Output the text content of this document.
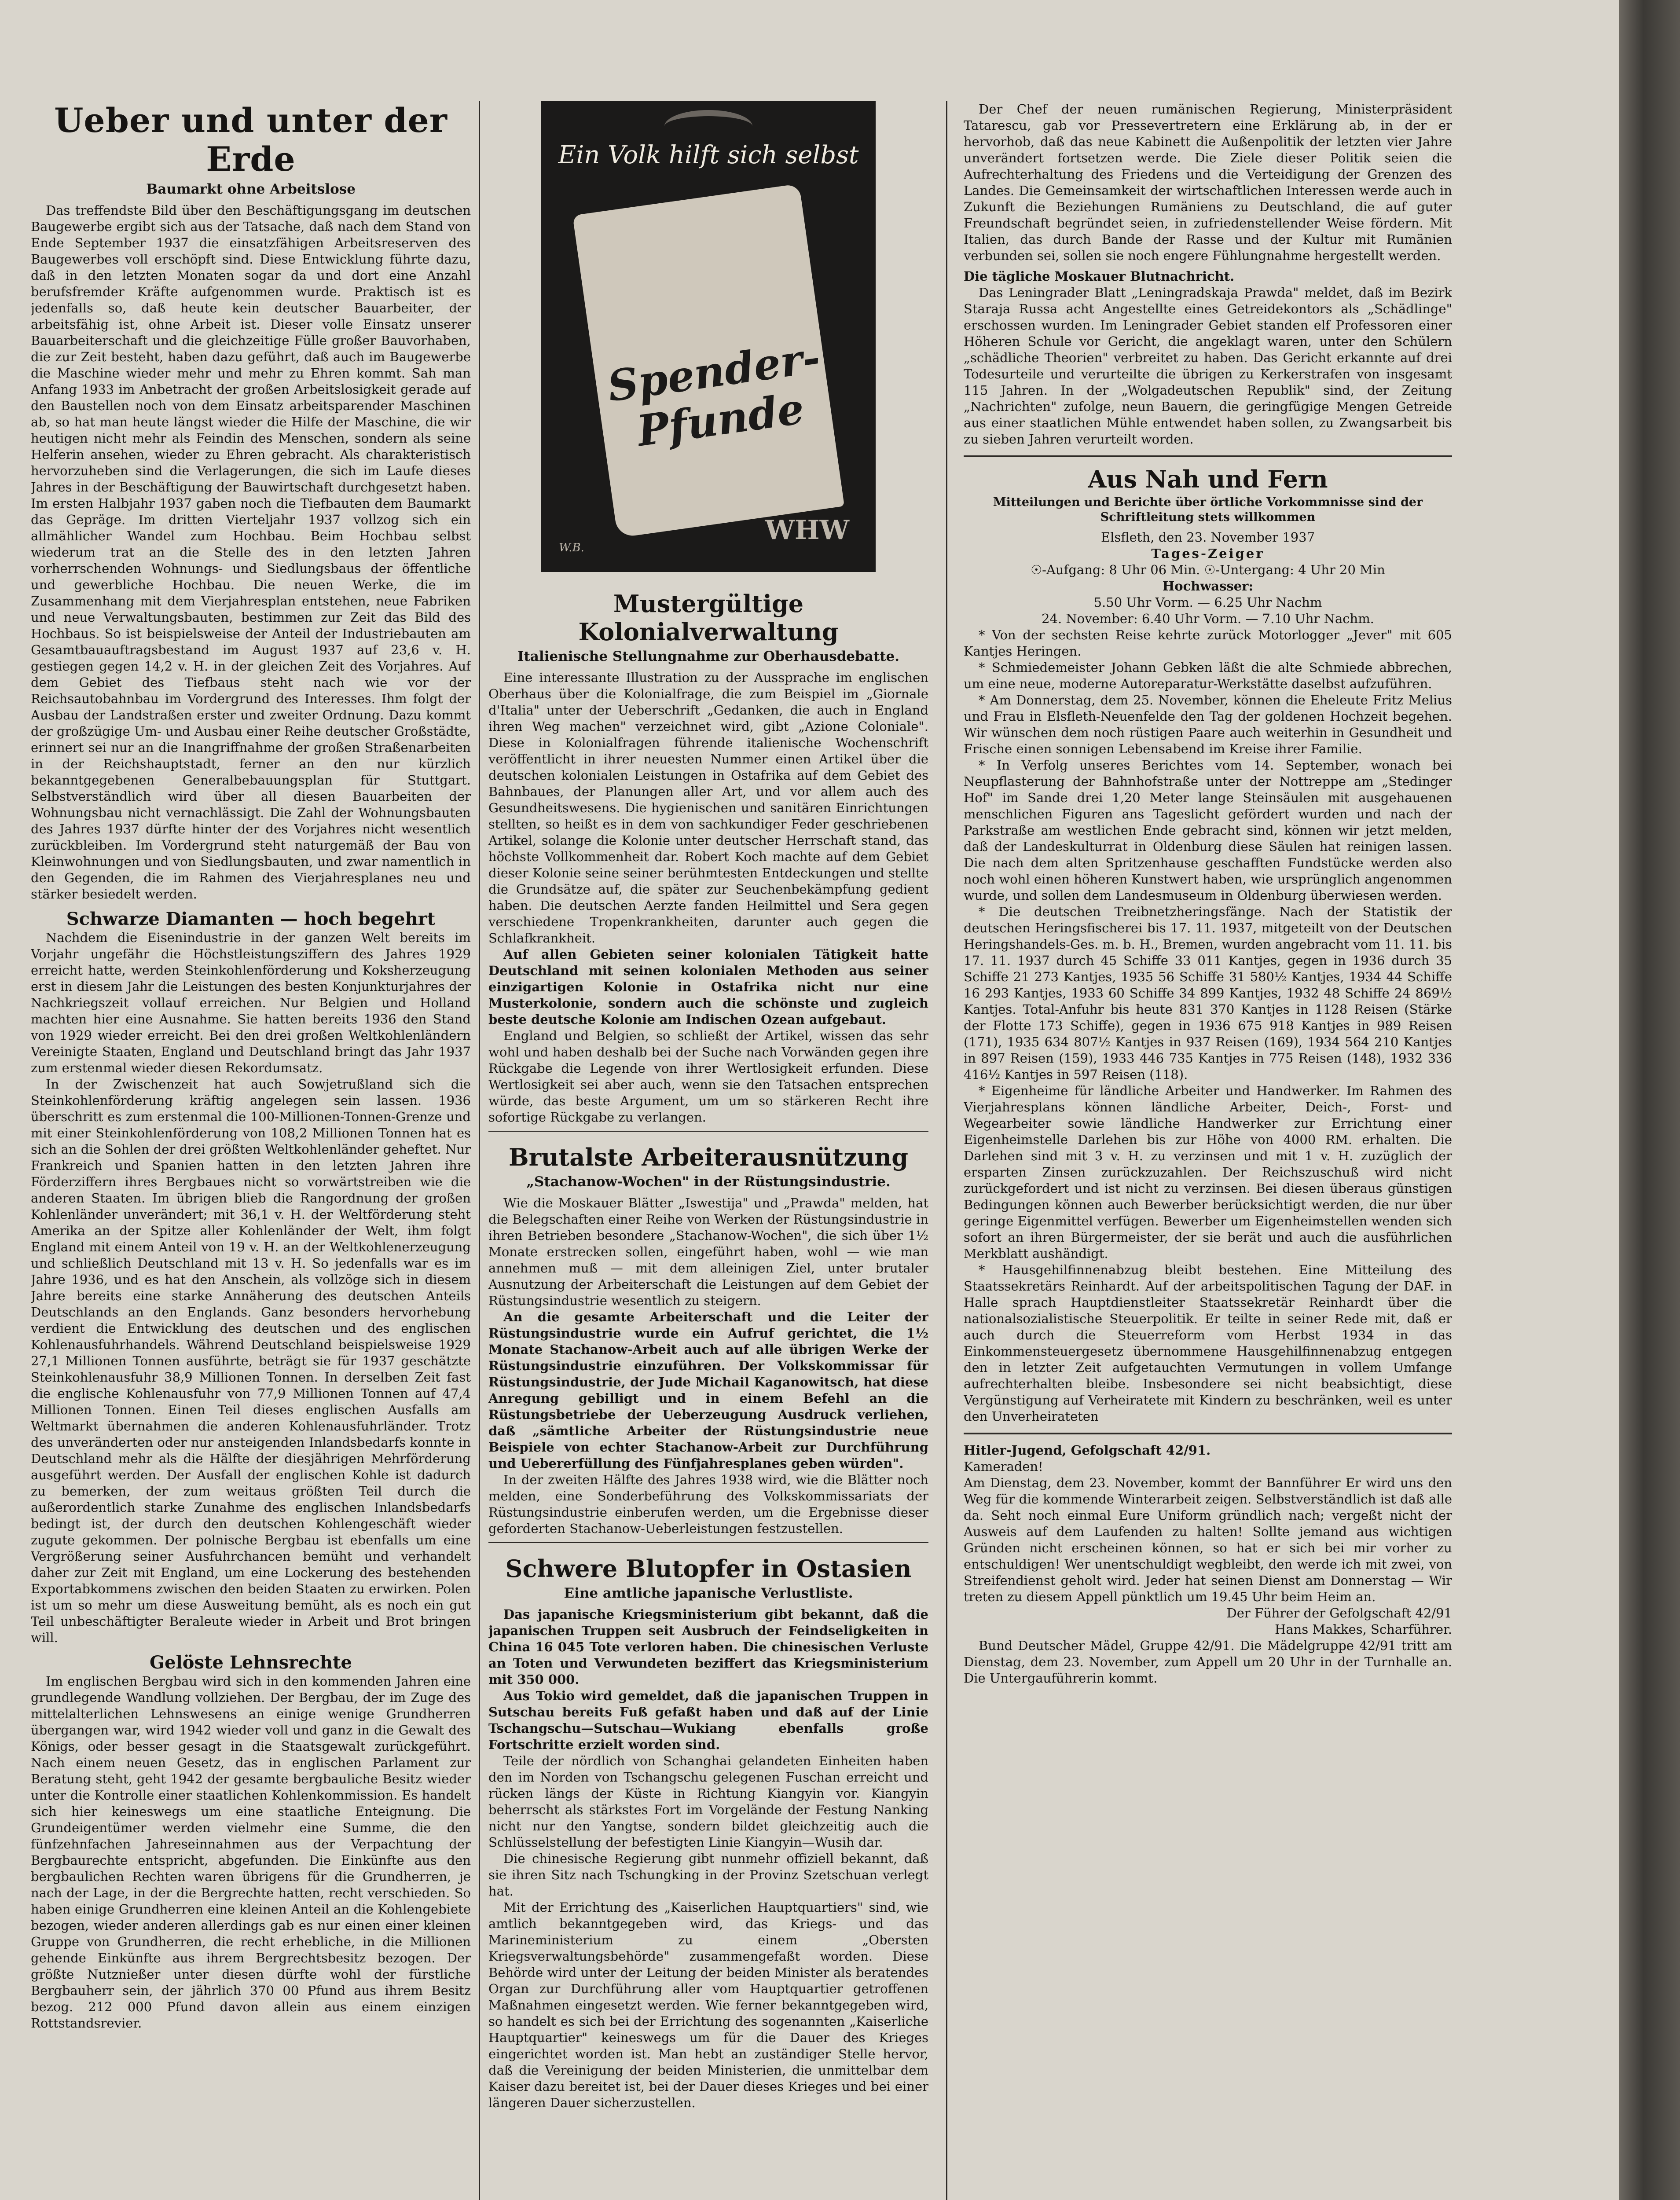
Ueber und unter der Erde
Baumarkt ohne Arbeitslose

Das treffendste Bild über den Beschäftigungsgang im deutschen Baugewerbe ergibt sich aus der Tatsache, daß nach dem Stand von Ende September 1937 die einsatzfähigen Arbeitsreserven des Baugewerbes voll erschöpft sind. Diese Entwicklung führte dazu, daß in den letzten Monaten sogar da und dort eine Anzahl berufsfremder Kräfte aufgenommen wurde. Praktisch ist es jedenfalls so, daß heute kein deutscher Bauarbeiter, der arbeitsfähig ist, ohne Arbeit ist. Dieser volle Einsatz unserer Bauarbeiterschaft und die gleichzeitige Fülle großer Bauvorhaben, die zur Zeit besteht, haben dazu geführt, daß auch im Baugewerbe die Maschine wieder mehr und mehr zu Ehren kommt. Sah man Anfang 1933 im Anbetracht der großen Arbeitslosigkeit gerade auf den Baustellen noch von dem Einsatz arbeitsparender Maschinen ab, so hat man heute längst wieder die Hilfe der Maschine, die wir heutigen nicht mehr als Feindin des Menschen, sondern als seine Helferin ansehen, wieder zu Ehren gebracht. Als charakteristisch hervorzuheben sind die Verlagerungen, die sich im Laufe dieses Jahres in der Beschäftigung der Bauwirtschaft durchgesetzt haben. Im ersten Halbjahr 1937 gaben noch die Tiefbauten dem Baumarkt das Gepräge. Im dritten Vierteljahr 1937 vollzog sich ein allmählicher Wandel zum Hochbau. Beim Hochbau selbst wiederum trat an die Stelle des in den letzten Jahren vorherrschenden Wohnungs- und Siedlungsbaus der öffentliche und gewerbliche Hochbau. Die neuen Werke, die im Zusammenhang mit dem Vierjahresplan entstehen, neue Fabriken und neue Verwaltungsbauten, bestimmen zur Zeit das Bild des Hochbaus. So ist beispielsweise der Anteil der Industriebauten am Gesamtbauauftragsbestand im August 1937 auf 23,6 v. H. gestiegen gegen 14,2 v. H. in der gleichen Zeit des Vorjahres. Auf dem Gebiet des Tiefbaus steht nach wie vor der Reichsautobahnbau im Vordergrund des Interesses. Ihm folgt der Ausbau der Landstraßen erster und zweiter Ordnung. Dazu kommt der großzügige Um- und Ausbau einer Reihe deutscher Großstädte, erinnert sei nur an die Inangriffnahme der großen Straßenarbeiten in der Reichshauptstadt, ferner an den nur kürzlich bekanntgegebenen Generalbebauungsplan für Stuttgart. Selbstverständlich wird über all diesen Bauarbeiten der Wohnungsbau nicht vernachlässigt. Die Zahl der Wohnungsbauten des Jahres 1937 dürfte hinter der des Vorjahres nicht wesentlich zurückbleiben. Im Vordergrund steht naturgemäß der Bau von Kleinwohnungen und von Siedlungsbauten, und zwar namentlich in den Gegenden, die im Rahmen des Vierjahresplanes neu und stärker besiedelt werden.

Schwarze Diamanten — hoch begehrt

Nachdem die Eisenindustrie in der ganzen Welt bereits im Vorjahr ungefähr die Höchstleistungsziffern des Jahres 1929 erreicht hatte, werden Steinkohlenförderung und Koksherzeugung erst in diesem Jahr die Leistungen des besten Konjunkturjahres der Nachkriegszeit vollauf erreichen. Nur Belgien und Holland machten hier eine Ausnahme. Sie hatten bereits 1936 den Stand von 1929 wieder erreicht. Bei den drei großen Weltkohlenländern Vereinigte Staaten, England und Deutschland bringt das Jahr 1937 zum erstenmal wieder diesen Rekordumsatz.

In der Zwischenzeit hat auch Sowjetrußland sich die Steinkohlenförderung kräftig angelegen sein lassen. 1936 überschritt es zum erstenmal die 100-Millionen-Tonnen-Grenze und mit einer Steinkohlenförderung von 108,2 Millionen Tonnen hat es sich an die Sohlen der drei größten Weltkohlenländer geheftet. Nur Frankreich und Spanien hatten in den letzten Jahren ihre Förderziffern ihres Bergbaues nicht so vorwärtstreiben wie die anderen Staaten. Im übrigen blieb die Rangordnung der großen Kohlenländer unverändert; mit 36,1 v. H. der Weltförderung steht Amerika an der Spitze aller Kohlenländer der Welt, ihm folgt England mit einem Anteil von 19 v. H. an der Weltkohlenerzeugung und schließlich Deutschland mit 13 v. H. So jedenfalls war es im Jahre 1936, und es hat den Anschein, als vollzöge sich in diesem Jahre bereits eine starke Annäherung des deutschen Anteils Deutschlands an den Englands. Ganz besonders hervorhebung verdient die Entwicklung des deutschen und des englischen Kohlenausfuhrhandels. Während Deutschland beispielsweise 1929 27,1 Millionen Tonnen ausführte, beträgt sie für 1937 geschätzte Steinkohlenausfuhr 38,9 Millionen Tonnen. In derselben Zeit fast die englische Kohlenausfuhr von 77,9 Millionen Tonnen auf 47,4 Millionen Tonnen. Einen Teil dieses englischen Ausfalls am Weltmarkt übernahmen die anderen Kohlenausfuhrländer. Trotz des unveränderten oder nur ansteigenden Inlandsbedarfs konnte in Deutschland mehr als die Hälfte der diesjährigen Mehrförderung ausgeführt werden. Der Ausfall der englischen Kohle ist dadurch zu bemerken, der zum weitaus größten Teil durch die außerordentlich starke Zunahme des englischen Inlandsbedarfs bedingt ist, der durch den deutschen Kohlengeschäft wieder zugute gekommen. Der polnische Bergbau ist ebenfalls um eine Vergrößerung seiner Ausfuhrchancen bemüht und verhandelt daher zur Zeit mit England, um eine Lockerung des bestehenden Exportabkommens zwischen den beiden Staaten zu erwirken. Polen ist um so mehr um diese Ausweitung bemüht, als es noch ein gut Teil unbeschäftigter Beraleute wieder in Arbeit und Brot bringen will.

Gelöste Lehnsrechte

Im englischen Bergbau wird sich in den kommenden Jahren eine grundlegende Wandlung vollziehen. Der Bergbau, der im Zuge des mittelalterlichen Lehnswesens an einige wenige Grundherren übergangen war, wird 1942 wieder voll und ganz in die Gewalt des Königs, oder besser gesagt in die Staatsgewalt zurückgeführt. Nach einem neuen Gesetz, das in englischen Parlament zur Beratung steht, geht 1942 der gesamte bergbauliche Besitz wieder unter die Kontrolle einer staatlichen Kohlenkommission. Es handelt sich hier keineswegs um eine staatliche Enteignung. Die Grundeigentümer werden vielmehr eine Summe, die den fünfzehnfachen Jahreseinnahmen aus der Verpachtung der Bergbaurechte entspricht, abgefunden. Die Einkünfte aus den bergbaulichen Rechten waren übrigens für die Grundherren, je nach der Lage, in der die Bergrechte hatten, recht verschieden. So haben einige Grundherren eine kleinen Anteil an die Kohlengebiete bezogen, wieder anderen allerdings gab es nur einen einer kleinen Gruppe von Grundherren, die recht erhebliche, in die Millionen gehende Einkünfte aus ihrem Bergrechtsbesitz bezogen. Der größte Nutznießer unter diesen dürfte wohl der fürstliche Bergbauherr sein, der jährlich 370 00 Pfund aus ihrem Besitz bezog. 212 000 Pfund davon allein aus einem einzigen Rottstandsrevier.

Ein Volk hilft sich selbst
Spender-Pfunde
WHW
W.B.
Mustergültige Kolonialverwaltung
Italienische Stellungnahme zur Oberhausdebatte.

Eine interessante Illustration zu der Aussprache im englischen Oberhaus über die Kolonialfrage, die zum Beispiel im „Giornale d'Italia" unter der Ueberschrift „Gedanken, die auch in England ihren Weg machen" verzeichnet wird, gibt „Azione Coloniale". Diese in Kolonialfragen führende italienische Wochenschrift veröffentlicht in ihrer neuesten Nummer einen Artikel über die deutschen kolonialen Leistungen in Ostafrika auf dem Gebiet des Bahnbaues, der Planungen aller Art, und vor allem auch des Gesundheitswesens. Die hygienischen und sanitären Einrichtungen stellten, so heißt es in dem von sachkundiger Feder geschriebenen Artikel, solange die Kolonie unter deutscher Herrschaft stand, das höchste Vollkommenheit dar. Robert Koch machte auf dem Gebiet dieser Kolonie seine seiner berühmtesten Entdeckungen und stellte die Grundsätze auf, die später zur Seuchenbekämpfung gedient haben. Die deutschen Aerzte fanden Heilmittel und Sera gegen verschiedene Tropenkrankheiten, darunter auch gegen die Schlafkrankheit.

Auf allen Gebieten seiner kolonialen Tätigkeit hatte Deutschland mit seinen kolonialen Methoden aus seiner einzigartigen Kolonie in Ostafrika nicht nur eine Musterkolonie, sondern auch die schönste und zugleich beste deutsche Kolonie am Indischen Ozean aufgebaut.

England und Belgien, so schließt der Artikel, wissen das sehr wohl und haben deshalb bei der Suche nach Vorwänden gegen ihre Rückgabe die Legende von ihrer Wertlosigkeit erfunden. Diese Wertlosigkeit sei aber auch, wenn sie den Tatsachen entsprechen würde, das beste Argument, um um so stärkeren Recht ihre sofortige Rückgabe zu verlangen.

Brutalste Arbeiterausnützung
„Stachanow-Wochen" in der Rüstungsindustrie.

Wie die Moskauer Blätter „Iswestija" und „Prawda" melden, hat die Belegschaften einer Reihe von Werken der Rüstungsindustrie in ihren Betrieben besondere „Stachanow-Wochen", die sich über 1½ Monate erstrecken sollen, eingeführt haben, wohl — wie man annehmen muß — mit dem alleinigen Ziel, unter brutaler Ausnutzung der Arbeiterschaft die Leistungen auf dem Gebiet der Rüstungsindustrie wesentlich zu steigern.

An die gesamte Arbeiterschaft und die Leiter der Rüstungsindustrie wurde ein Aufruf gerichtet, die 1½ Monate Stachanow-Arbeit auch auf alle übrigen Werke der Rüstungsindustrie einzuführen. Der Volkskommissar für Rüstungsindustrie, der Jude Michail Kaganowitsch, hat diese Anregung gebilligt und in einem Befehl an die Rüstungsbetriebe der Ueberzeugung Ausdruck verliehen, daß „sämtliche Arbeiter der Rüstungsindustrie neue Beispiele von echter Stachanow-Arbeit zur Durchführung und Uebererfüllung des Fünfjahresplanes geben würden".

In der zweiten Hälfte des Jahres 1938 wird, wie die Blätter noch melden, eine Sonderbeführung des Volkskommissariats der Rüstungsindustrie einberufen werden, um die Ergebnisse dieser geforderten Stachanow-Ueberleistungen festzustellen.

Schwere Blutopfer in Ostasien
Eine amtliche japanische Verlustliste.

Das japanische Kriegsministerium gibt bekannt, daß die japanischen Truppen seit Ausbruch der Feindseligkeiten in China 16 045 Tote verloren haben. Die chinesischen Verluste an Toten und Verwundeten beziffert das Kriegsministerium mit 350 000.

Aus Tokio wird gemeldet, daß die japanischen Truppen in Sutschau bereits Fuß gefaßt haben und daß auf der Linie Tschangschu—Sutschau—Wukiang ebenfalls große Fortschritte erzielt worden sind.

Teile der nördlich von Schanghai gelandeten Einheiten haben den im Norden von Tschangschu gelegenen Fuschan erreicht und rücken längs der Küste in Richtung Kiangyin vor. Kiangyin beherrscht als stärkstes Fort im Vorgelände der Festung Nanking nicht nur den Yangtse, sondern bildet gleichzeitig auch die Schlüsselstellung der befestigten Linie Kiangyin—Wusih dar.

Die chinesische Regierung gibt nunmehr offiziell bekannt, daß sie ihren Sitz nach Tschungking in der Provinz Szetschuan verlegt hat.

Mit der Errichtung des „Kaiserlichen Hauptquartiers" sind, wie amtlich bekanntgegeben wird, das Kriegs- und das Marineministerium zu einem „Obersten Kriegsverwaltungsbehörde" zusammengefaßt worden. Diese Behörde wird unter der Leitung der beiden Minister als beratendes Organ zur Durchführung aller vom Hauptquartier getroffenen Maßnahmen eingesetzt werden. Wie ferner bekanntgegeben wird, so handelt es sich bei der Errichtung des sogenannten „Kaiserliche Hauptquartier" keineswegs um für die Dauer des Krieges eingerichtet worden ist. Man hebt an zuständiger Stelle hervor, daß die Vereinigung der beiden Ministerien, die unmittelbar dem Kaiser dazu bereitet ist, bei der Dauer dieses Krieges und bei einer längeren Dauer sicherzustellen.

Der Chef der neuen rumänischen Regierung, Ministerpräsident Tatarescu, gab vor Pressevertretern eine Erklärung ab, in der er hervorhob, daß das neue Kabinett die Außenpolitik der letzten vier Jahre unverändert fortsetzen werde. Die Ziele dieser Politik seien die Aufrechterhaltung des Friedens und die Verteidigung der Grenzen des Landes. Die Gemeinsamkeit der wirtschaftlichen Interessen werde auch in Zukunft die Beziehungen Rumäniens zu Deutschland, die auf guter Freundschaft begründet seien, in zufriedenstellender Weise fördern. Mit Italien, das durch Bande der Rasse und der Kultur mit Rumänien verbunden sei, sollen sie noch engere Fühlungnahme hergestellt werden.

Die tägliche Moskauer Blutnachricht.

Das Leningrader Blatt „Leningradskaja Prawda" meldet, daß im Bezirk Staraja Russa acht Angestellte eines Getreidekontors als „Schädlinge" erschossen wurden. Im Leningrader Gebiet standen elf Professoren einer Höheren Schule vor Gericht, die angeklagt waren, unter den Schülern „schädliche Theorien" verbreitet zu haben. Das Gericht erkannte auf drei Todesurteile und verurteilte die übrigen zu Kerkerstrafen von insgesamt 115 Jahren. In der „Wolgadeutschen Republik" sind, der Zeitung „Nachrichten" zufolge, neun Bauern, die geringfügige Mengen Getreide aus einer staatlichen Mühle entwendet haben sollen, zu Zwangsarbeit bis zu sieben Jahren verurteilt worden.

Aus Nah und Fern
Mitteilungen und Berichte über örtliche Vorkommnisse sind der Schriftleitung stets willkommen

Elsfleth, den 23. November 1937

Tages-Zeiger

☉-Aufgang: 8 Uhr 06 Min. ☉-Untergang: 4 Uhr 20 Min

Hochwasser:

5.50 Uhr Vorm. — 6.25 Uhr Nachm

24. November: 6.40 Uhr Vorm. — 7.10 Uhr Nachm.

* Von der sechsten Reise kehrte zurück Motorlogger „Jever" mit 605 Kantjes Heringen.

* Schmiedemeister Johann Gebken läßt die alte Schmiede abbrechen, um eine neue, moderne Autoreparatur-Werkstätte daselbst aufzuführen.

* Am Donnerstag, dem 25. November, können die Eheleute Fritz Melius und Frau in Elsfleth-Neuenfelde den Tag der goldenen Hochzeit begehen. Wir wünschen dem noch rüstigen Paare auch weiterhin in Gesundheit und Frische einen sonnigen Lebensabend im Kreise ihrer Familie.

* In Verfolg unseres Berichtes vom 14. September, wonach bei Neupflasterung der Bahnhofstraße unter der Nottreppe am „Stedinger Hof" im Sande drei 1,20 Meter lange Steinsäulen mit ausgehauenen menschlichen Figuren ans Tageslicht gefördert wurden und nach der Parkstraße am westlichen Ende gebracht sind, können wir jetzt melden, daß der Landeskulturrat in Oldenburg diese Säulen hat reinigen lassen. Die nach dem alten Spritzenhause geschafften Fundstücke werden also noch wohl einen höheren Kunstwert haben, wie ursprünglich angenommen wurde, und sollen dem Landesmuseum in Oldenburg überwiesen werden.

* Die deutschen Treibnetzheringsfänge. Nach der Statistik der deutschen Heringsfischerei bis 17. 11. 1937, mitgeteilt von der Deutschen Heringshandels-Ges. m. b. H., Bremen, wurden angebracht vom 11. 11. bis 17. 11. 1937 durch 45 Schiffe 33 011 Kantjes, gegen in 1936 durch 35 Schiffe 21 273 Kantjes, 1935 56 Schiffe 31 580½ Kantjes, 1934 44 Schiffe 16 293 Kantjes, 1933 60 Schiffe 34 899 Kantjes, 1932 48 Schiffe 24 869½ Kantjes. Total-Anfuhr bis heute 831 370 Kantjes in 1128 Reisen (Stärke der Flotte 173 Schiffe), gegen in 1936 675 918 Kantjes in 989 Reisen (171), 1935 634 807½ Kantjes in 937 Reisen (169), 1934 564 210 Kantjes in 897 Reisen (159), 1933 446 735 Kantjes in 775 Reisen (148), 1932 336 416½ Kantjes in 597 Reisen (118).

* Eigenheime für ländliche Arbeiter und Handwerker. Im Rahmen des Vierjahresplans können ländliche Arbeiter, Deich-, Forst- und Wegearbeiter sowie ländliche Handwerker zur Errichtung einer Eigenheimstelle Darlehen bis zur Höhe von 4000 RM. erhalten. Die Darlehen sind mit 3 v. H. zu verzinsen und mit 1 v. H. zuzüglich der ersparten Zinsen zurückzuzahlen. Der Reichszuschuß wird nicht zurückgefordert und ist nicht zu verzinsen. Bei diesen überaus günstigen Bedingungen können auch Bewerber berücksichtigt werden, die nur über geringe Eigenmittel verfügen. Bewerber um Eigenheimstellen wenden sich sofort an ihren Bürgermeister, der sie berät und auch die ausführlichen Merkblatt aushändigt.

* Hausgehilfinnenabzug bleibt bestehen. Eine Mitteilung des Staatssekretärs Reinhardt. Auf der arbeitspolitischen Tagung der DAF. in Halle sprach Hauptdienstleiter Staatssekretär Reinhardt über die nationalsozialistische Steuerpolitik. Er teilte in seiner Rede mit, daß er auch durch die Steuerreform vom Herbst 1934 in das Einkommensteuergesetz übernommene Hausgehilfinnenabzug entgegen den in letzter Zeit aufgetauchten Vermutungen in vollem Umfange aufrechterhalten bleibe. Insbesondere sei nicht beabsichtigt, diese Vergünstigung auf Verheiratete mit Kindern zu beschränken, weil es unter den Unverheirateten

Hitler-Jugend, Gefolgschaft 42/91.

Kameraden!

Am Dienstag, dem 23. November, kommt der Bannführer Er wird uns den Weg für die kommende Winterarbeit zeigen. Selbstverständlich ist daß alle da. Seht noch einmal Eure Uniform gründlich nach; vergeßt nicht der Ausweis auf dem Laufenden zu halten! Sollte jemand aus wichtigen Gründen nicht erscheinen können, so hat er sich bei mir vorher zu entschuldigen! Wer unentschuldigt wegbleibt, den werde ich mit zwei, von Streifendienst geholt wird. Jeder hat seinen Dienst am Donnerstag — Wir treten zu diesem Appell pünktlich um 19.45 Uhr beim Heim an.

Der Führer der Gefolgschaft 42/91

Hans Makkes, Scharführer.

Bund Deutscher Mädel, Gruppe 42/91. Die Mädelgruppe 42/91 tritt am Dienstag, dem 23. November, zum Appell um 20 Uhr in der Turnhalle an. Die Untergauführerin kommt.
